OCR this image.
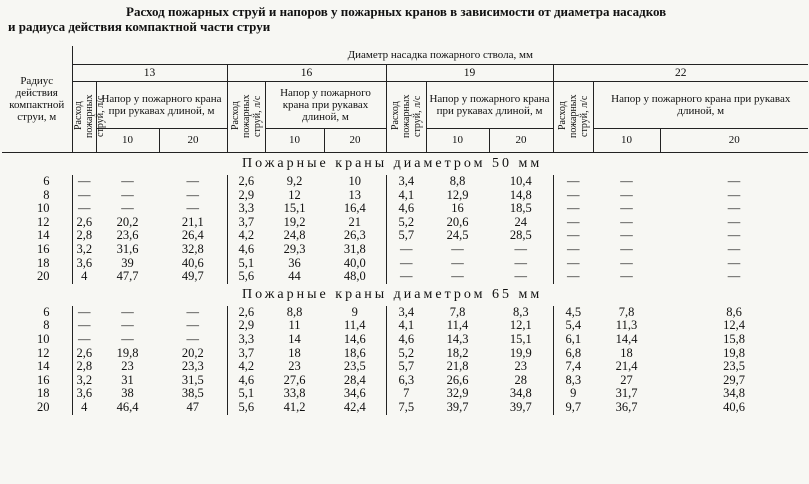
Расход пожарных струй и напоров у пожарных кранов в зависимости от диаметра насадков
и радиуса действия компактной части струи
Радиус
действия
компактной
струи, м	Диаметр насадка пожарного ствола, мм											
	13			16			19			22		
	Расход пожарных струй, л/с	Напор у пожарного крана при рукавах длиной, м		Расход пожарных струй, л/с	Напор у пожарного крана при рукавах длиной, м		Расход пожарных струй, л/с	Напор у пожарного крана при рукавах длиной, м		Расход пожарных струй, л/с	Напор у пожарного крана при рукавах длиной, м	
		10	20		10	20		10	20		10	20

Пожарные краны диаметром 50 мм												
6	—	—	—	2,6	9,2	10	3,4	8,8	10,4	—	—	—
8	—	—	—	2,9	12	13	4,1	12,9	14,8	—	—	—
10	—	—	—	3,3	15,1	16,4	4,6	16	18,5	—	—	—
12	2,6	20,2	21,1	3,7	19,2	21	5,2	20,6	24	—	—	—
14	2,8	23,6	26,4	4,2	24,8	26,3	5,7	24,5	28,5	—	—	—
16	3,2	31,6	32,8	4,6	29,3	31,8	—	—	—	—	—	—
18	3,6	39	40,6	5,1	36	40,0	—	—	—	—	—	—
20	4	47,7	49,7	5,6	44	48,0	—	—	—	—	—	—
Пожарные краны диаметром 65 мм												
6	—	—	—	2,6	8,8	9	3,4	7,8	8,3	4,5	7,8	8,6
8	—	—	—	2,9	11	11,4	4,1	11,4	12,1	5,4	11,3	12,4
10	—	—	—	3,3	14	14,6	4,6	14,3	15,1	6,1	14,4	15,8
12	2,6	19,8	20,2	3,7	18	18,6	5,2	18,2	19,9	6,8	18	19,8
14	2,8	23	23,3	4,2	23	23,5	5,7	21,8	23	7,4	21,4	23,5
16	3,2	31	31,5	4,6	27,6	28,4	6,3	26,6	28	8,3	27	29,7
18	3,6	38	38,5	5,1	33,8	34,6	7	32,9	34,8	9	31,7	34,8
20	4	46,4	47	5,6	41,2	42,4	7,5	39,7	39,7	9,7	36,7	40,6
